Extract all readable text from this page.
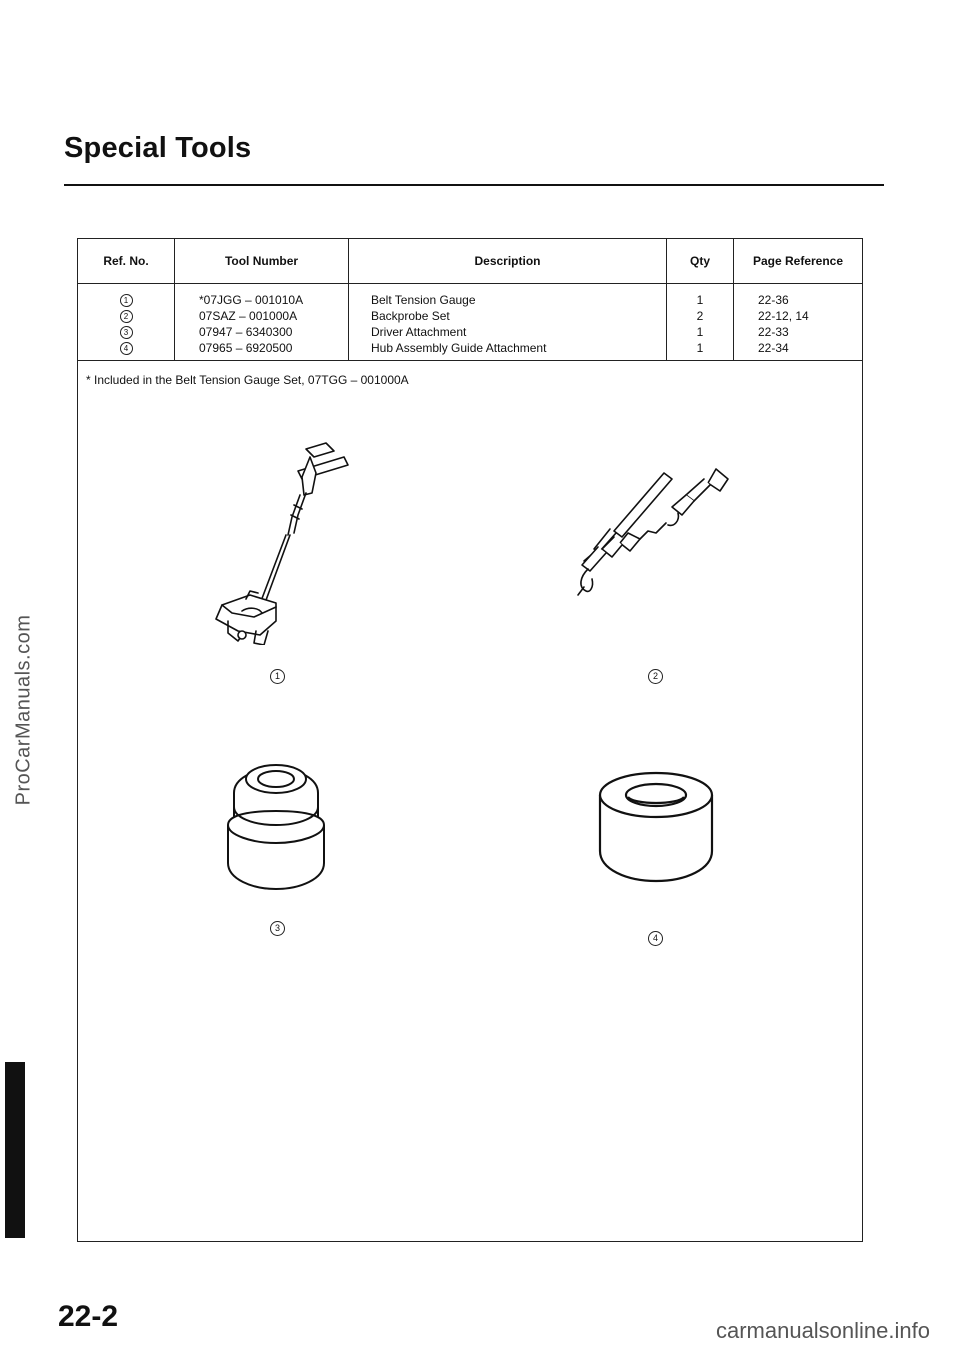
Special Tools
ProCarManuals.com
Ref. No.	Tool Number	Description	Qty	Page Reference
1	*07JGG – 001010A	Belt Tension Gauge	1	22-36
2	07SAZ – 001000A	Backprobe Set	2	22-12, 14
3	07947 – 6340300	Driver Attachment	1	22-33
4	07965 – 6920500	Hub Assembly Guide Attachment	1	22-34
* Included in the Belt Tension Gauge Set, 07TGG – 001000A
1	2
3
4
22-2	carmanualsonline.info
